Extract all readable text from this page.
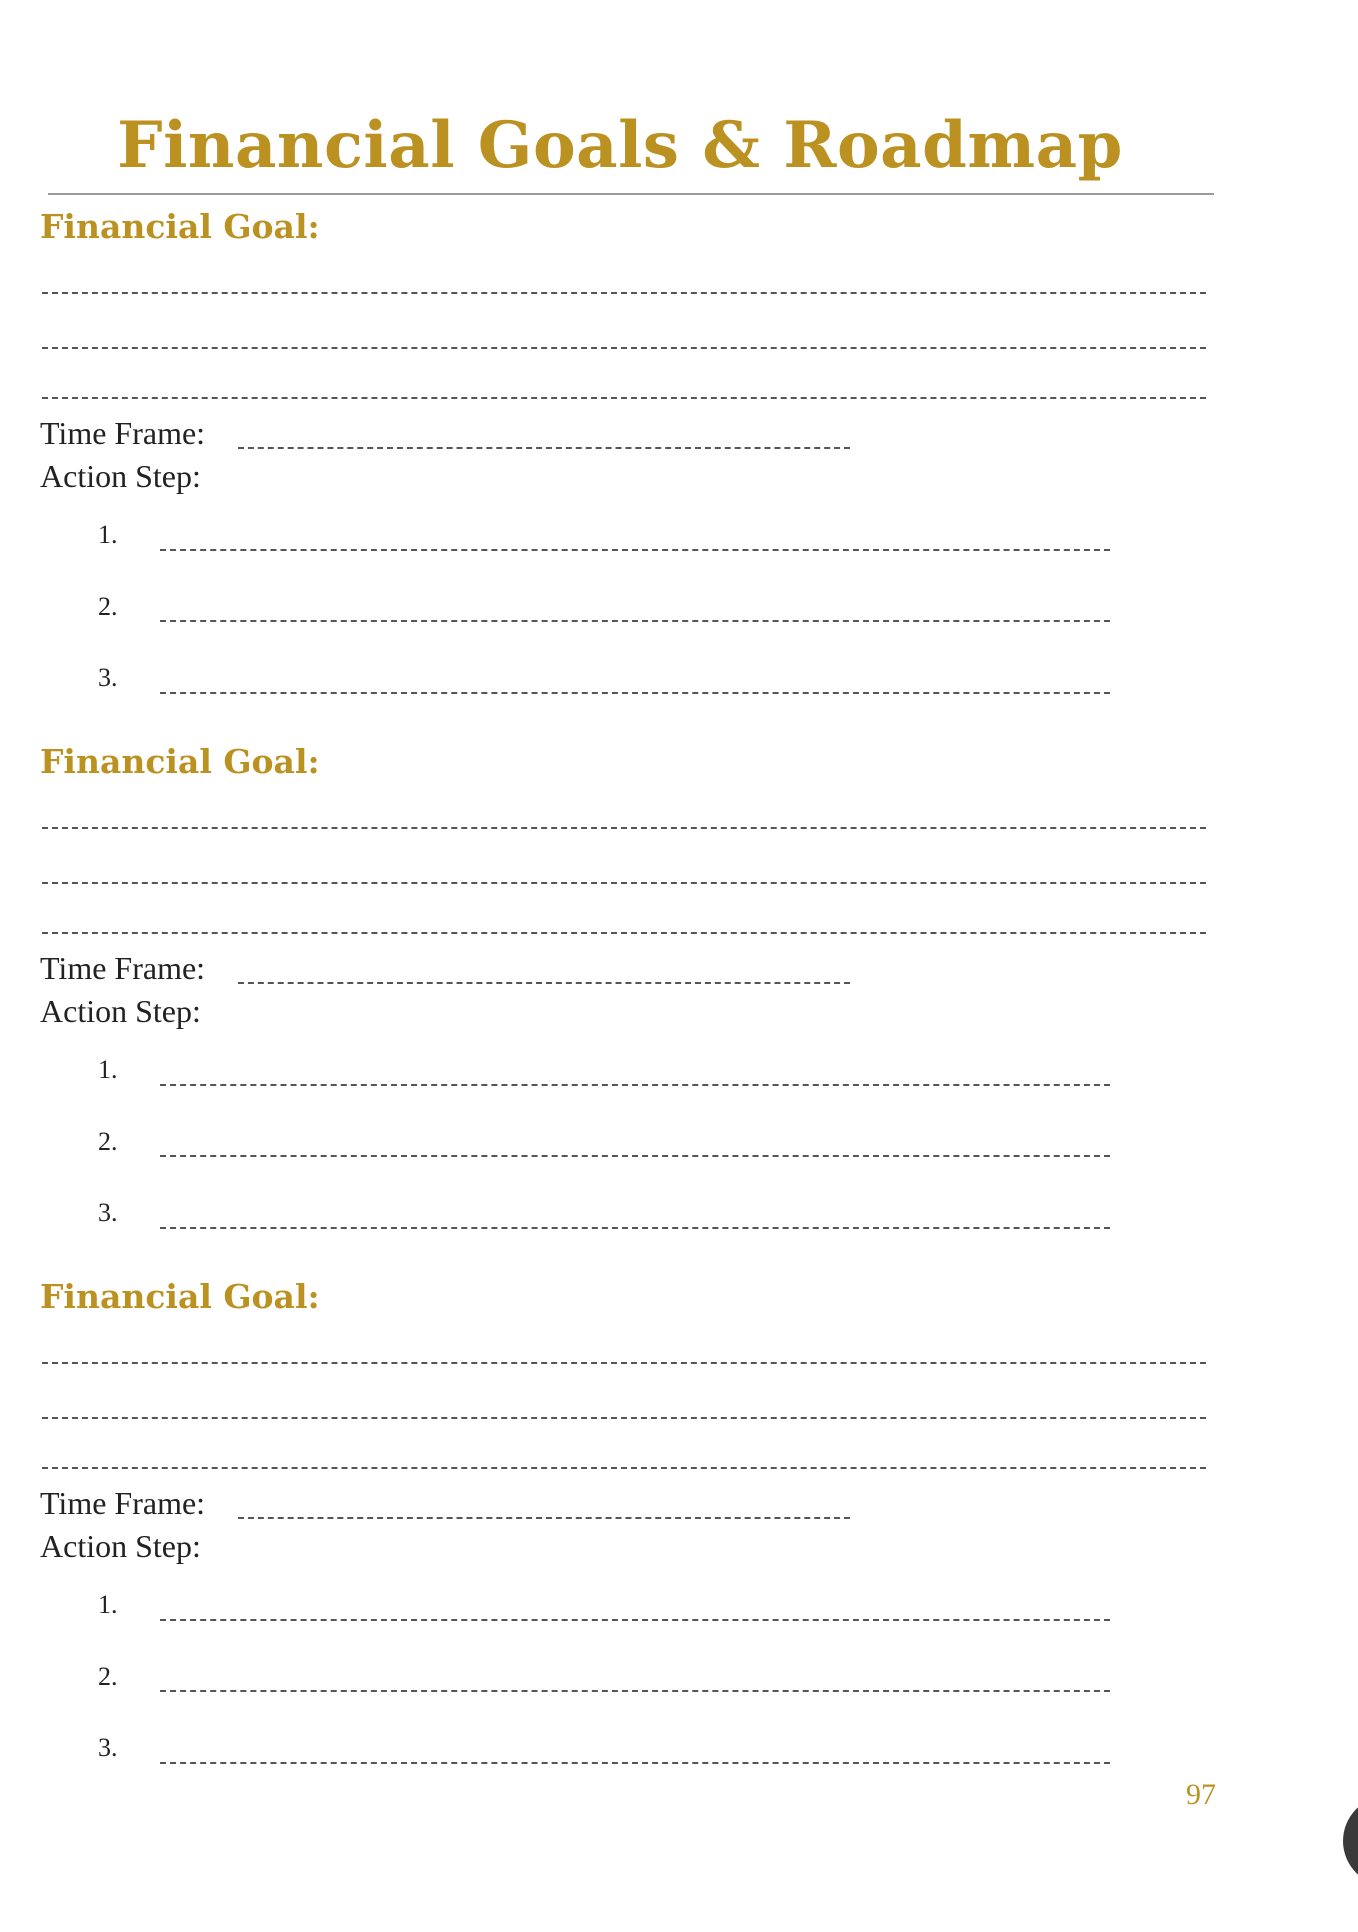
Financial Goals & Roadmap
Financial Goal:
Time Frame:
Action Step:
1.
2.
3.
Financial Goal:
Time Frame:
Action Step:
1.
2.
3.
Financial Goal:
Time Frame:
Action Step:
1.
2.
3.
97
